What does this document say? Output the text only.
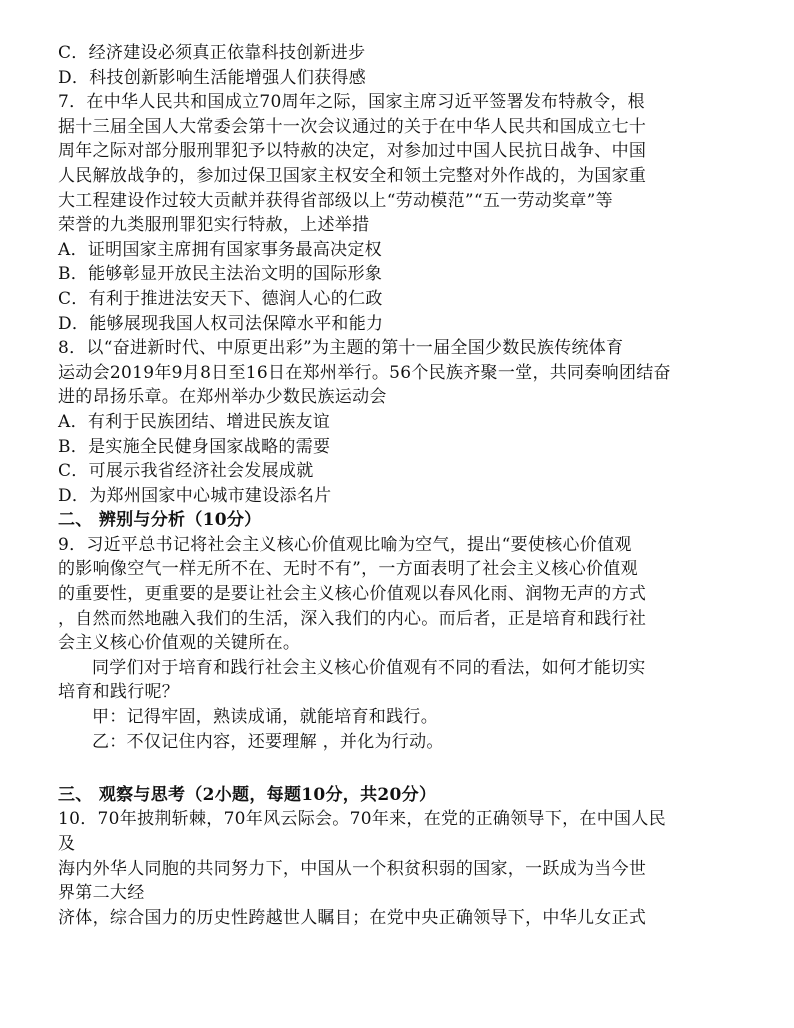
C．经济建设必须真正依靠科技创新进步
D．科技创新影响生活能增强人们获得感
7．在中华人民共和国成立70周年之际，国家主席习近平签署发布特赦令，根
据十三届全国人大常委会第十一次会议通过的关于在中华人民共和国成立七十
周年之际对部分服刑罪犯予以特赦的决定，对参加过中国人民抗日战争、中国
人民解放战争的，参加过保卫国家主权安全和领土完整对外作战的，为国家重
大工程建设作过较大贡献并获得省部级以上“劳动模范”“五一劳动奖章”等
荣誉的九类服刑罪犯实行特赦，上述举措
A．证明国家主席拥有国家事务最高决定权
B．能够彰显开放民主法治文明的国际形象
C．有利于推进法安天下、德润人心的仁政
D．能够展现我国人权司法保障水平和能力
8．以“奋进新时代、中原更出彩”为主题的第十一届全国少数民族传统体育
运动会2019年9月8日至16日在郑州举行。56个民族齐聚一堂，共同奏响团结奋
进的昂扬乐章。在郑州举办少数民族运动会
A．有利于民族团结、增进民族友谊
B．是实施全民健身国家战略的需要
C．可展示我省经济社会发展成就
D．为郑州国家中心城市建设添名片
二、 辨别与分析（10分）
9．习近平总书记将社会主义核心价值观比喻为空气，提出“要使核心价值观
的影响像空气一样无所不在、无时不有”，一方面表明了社会主义核心价值观
的重要性，更重要的是要让社会主义核心价值观以春风化雨、润物无声的方式
，自然而然地融入我们的生活，深入我们的内心。而后者，正是培育和践行社
会主义核心价值观的关键所在。
同学们对于培育和践行社会主义核心价值观有不同的看法，如何才能切实
培育和践行呢？
甲：记得牢固，熟读成诵，就能培育和践行。
乙：不仅记住内容，还要理解 ，并化为行动。
三、 观察与思考（2小题，每题10分，共20分）
10．70年披荆斩棘，70年风云际会。70年来，在党的正确领导下，在中国人民
及
海内外华人同胞的共同努力下，中国从一个积贫积弱的国家，一跃成为当今世
界第二大经
济体，综合国力的历史性跨越世人瞩目；在党中央正确领导下，中华儿女正式
